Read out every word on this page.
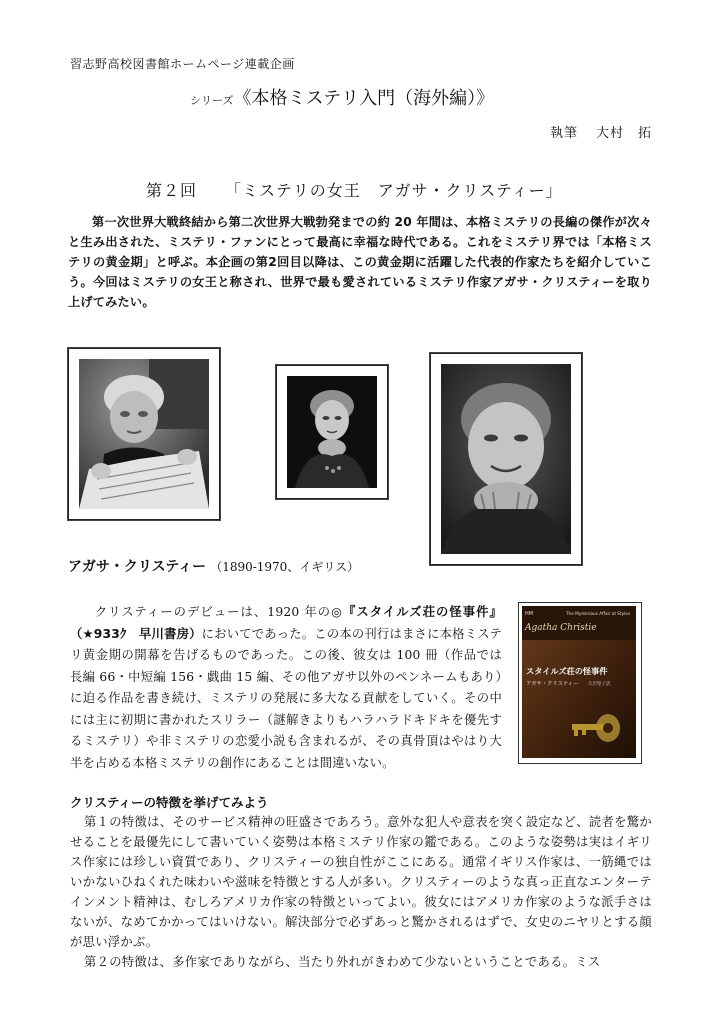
習志野高校図書館ホームページ連載企画
シリーズ《本格ミステリ入門（海外編）》
執筆 大村　拓
第２回 「ミステリの女王　アガサ・クリスティー」
第一次世界大戦終結から第二次世界大戦勃発までの約 20 年間は、本格ミステリの長編の傑作が次々と生み出された、ミステリ・ファンにとって最高に幸福な時代である。これをミステリ界では「本格ミステリの黄金期」と呼ぶ。本企画の第2回目以降は、この黄金期に活躍した代表的作家たちを紹介していこう。今回はミステリの女王と称され、世界で最も愛されているミステリ作家アガサ・クリスティーを取り上げてみたい。
アガサ・クリスティー （1890-1970、イギリス）
クリスティーのデビューは、1920 年の◎『スタイルズ荘の怪事件』（★933ｸ　早川書房）においてであった。この本の刊行はまさに本格ミステリ黄金期の開幕を告げるものであった。この後、彼女は 100 冊（作品では長編 66・中短編 156・戯曲 15 編、その他アガサ以外のペンネームもあり）に迫る作品を書き続け、ミステリの発展に多大なる貢献をしていく。その中には主に初期に書かれたスリラー（謎解きよりもハラハラドキドキを優先するミステリ）や非ミステリの恋愛小説も含まれるが、その真骨頂はやはり大半を占める本格ミステリの創作にあることは間違いない。
HM
Agatha Christie
The Mysterious Affair at Styles
スタイルズ荘の怪事件
アガサ・クリスティー 矢沢聖子訳
クリスティーの特徴を挙げてみよう

第１の特徴は、そのサービス精神の旺盛さであろう。意外な犯人や意表を突く設定など、読者を驚かせることを最優先にして書いていく姿勢は本格ミステリ作家の鑑である。このような姿勢は実はイギリス作家には珍しい資質であり、クリスティーの独自性がここにある。通常イギリス作家は、一筋縄ではいかないひねくれた味わいや滋味を特徴とする人が多い。クリスティーのような真っ正直なエンターテインメント精神は、むしろアメリカ作家の特徴といってよい。彼女にはアメリカ作家のような派手さはないが、なめてかかってはいけない。解決部分で必ずあっと驚かされるはずで、女史のニヤリとする顔が思い浮かぶ。

第２の特徴は、多作家でありながら、当たり外れがきわめて少ないということである。ミス
